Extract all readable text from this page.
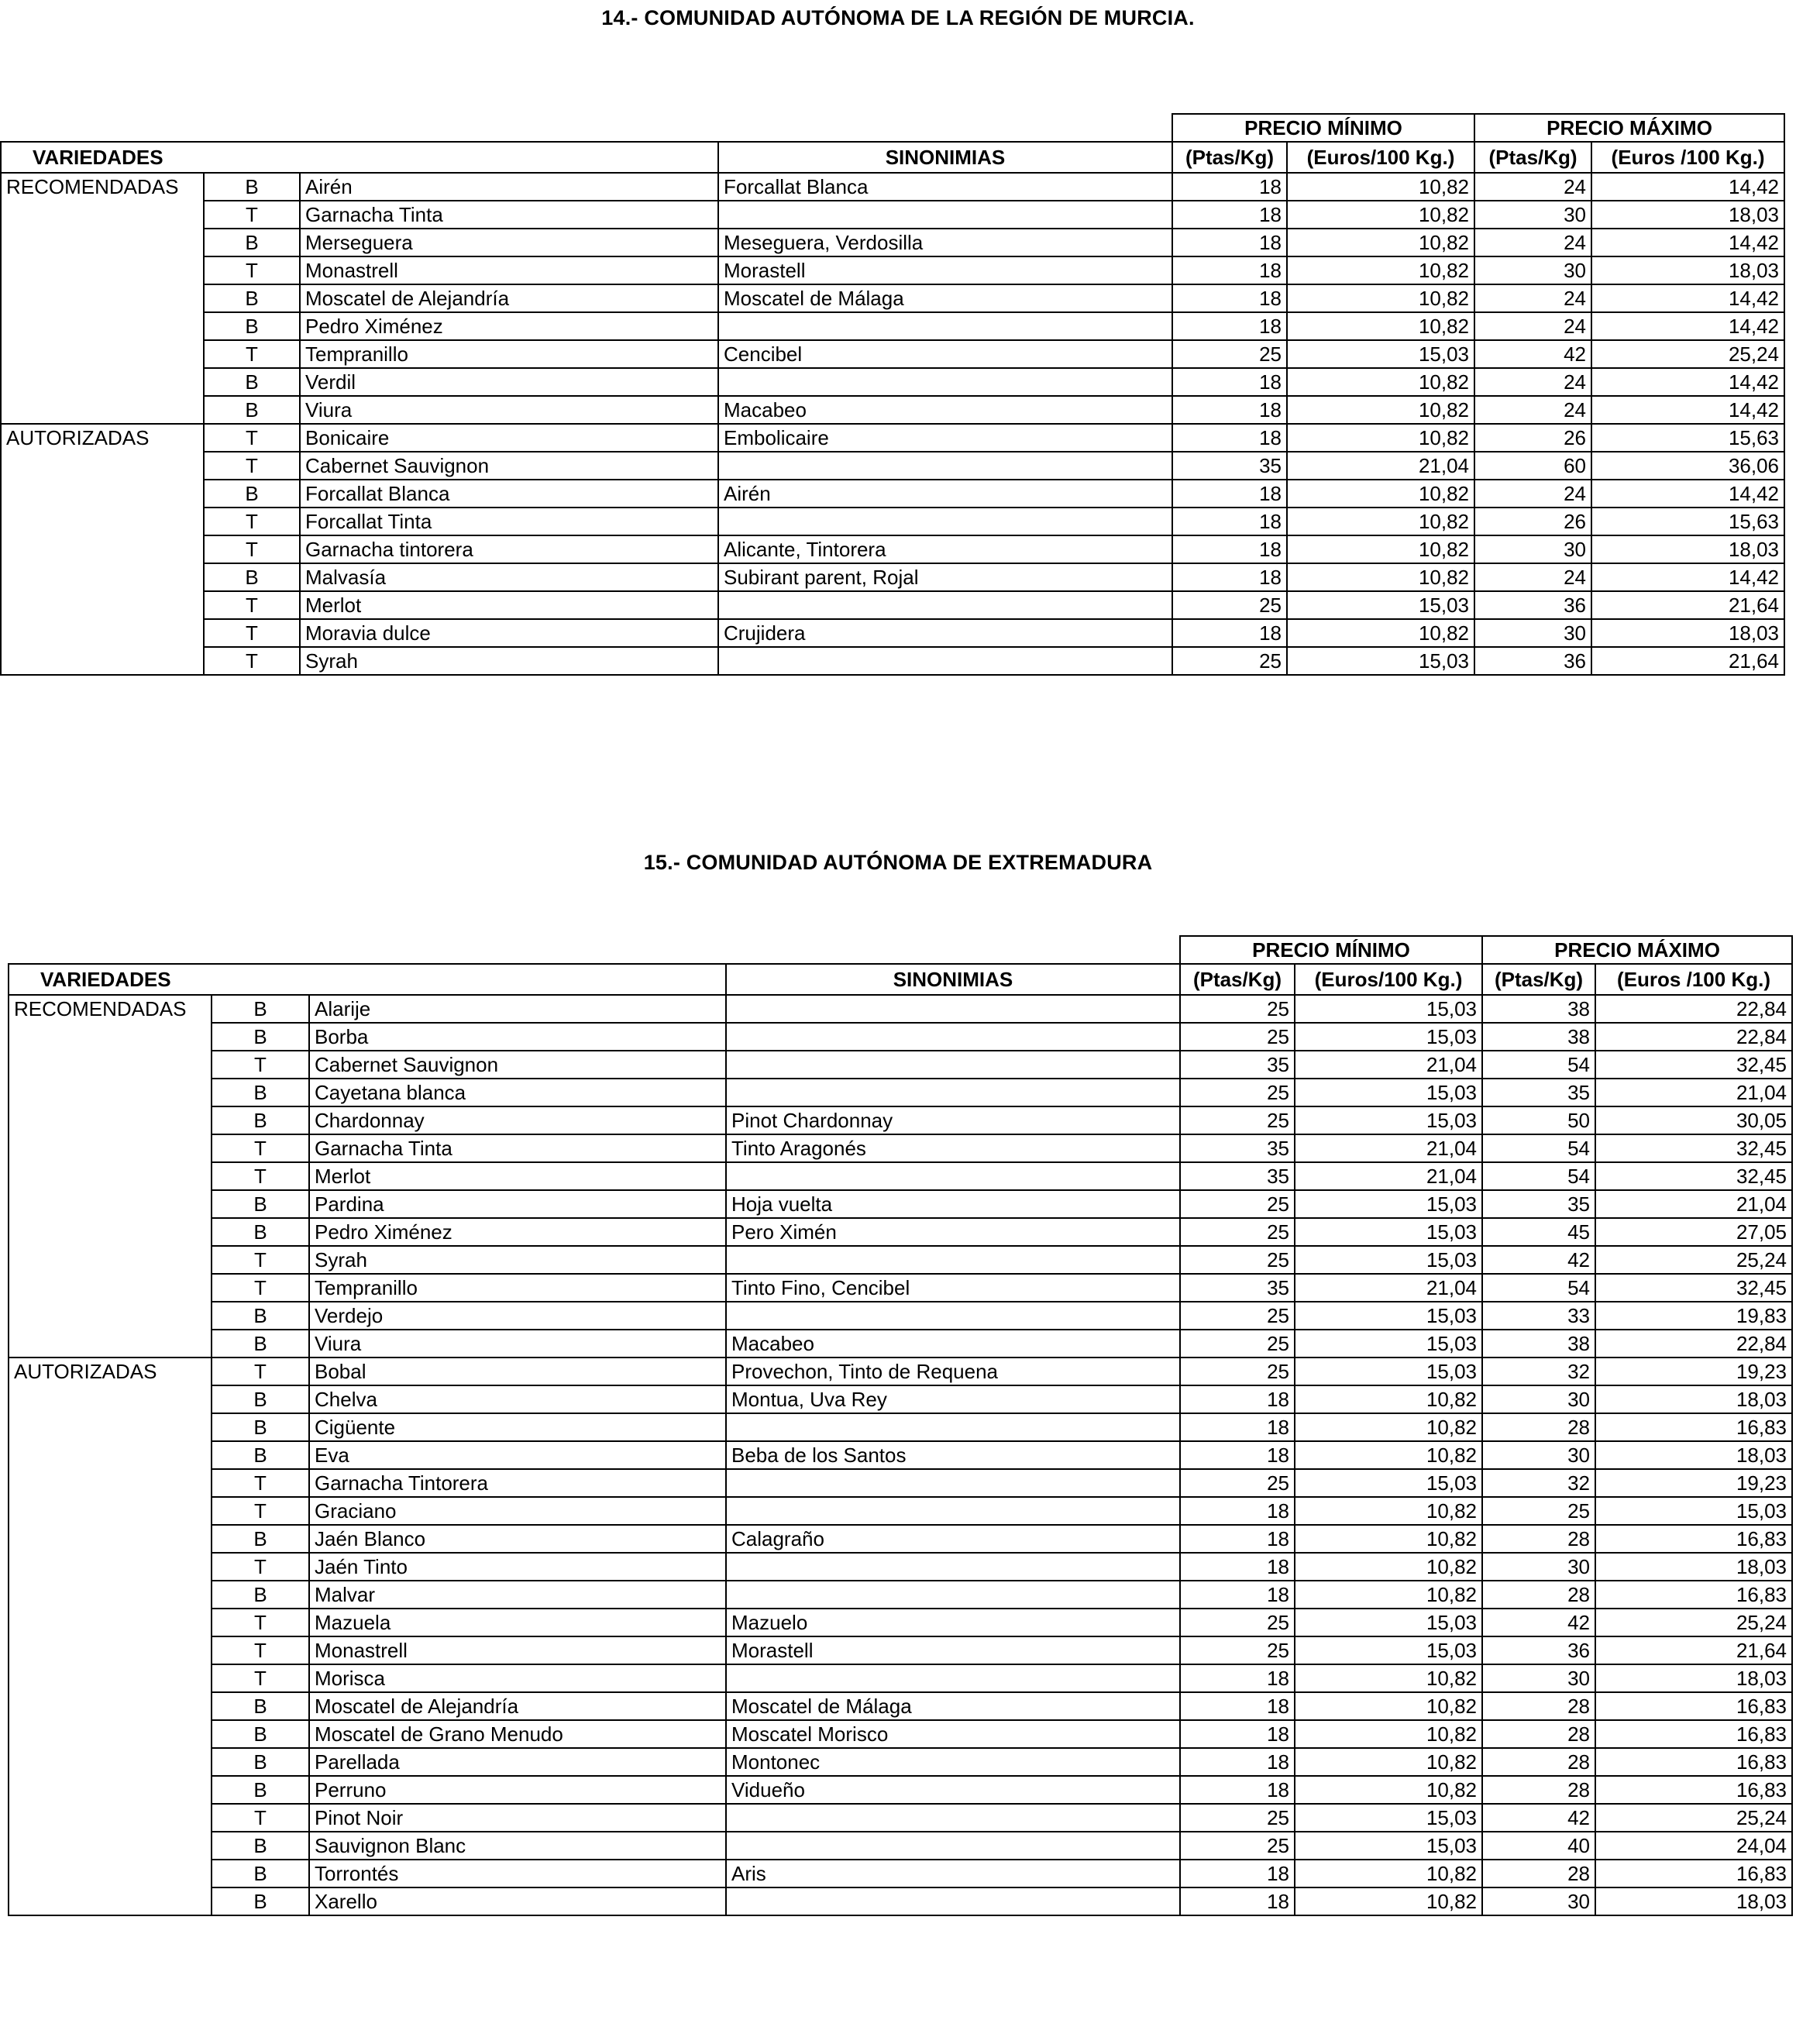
14.- COMUNIDAD AUTÓNOMA DE LA REGIÓN DE MURCIA.
				PRECIO MÍNIMO		PRECIO MÁXIMO	
VARIEDADES			SINONIMIAS	(Ptas/Kg)	(Euros/100 Kg.)	(Ptas/Kg)	(Euros /100 Kg.)
RECOMENDADAS	B	Airén	Forcallat Blanca	18	10,82	24	14,42
	T	Garnacha Tinta		18	10,82	30	18,03
	B	Merseguera	Meseguera, Verdosilla	18	10,82	24	14,42
	T	Monastrell	Morastell	18	10,82	30	18,03
	B	Moscatel de Alejandría	Moscatel de Málaga	18	10,82	24	14,42
	B	Pedro Ximénez		18	10,82	24	14,42
	T	Tempranillo	Cencibel	25	15,03	42	25,24
	B	Verdil		18	10,82	24	14,42
	B	Viura	Macabeo	18	10,82	24	14,42
AUTORIZADAS	T	Bonicaire	Embolicaire	18	10,82	26	15,63
	T	Cabernet Sauvignon		35	21,04	60	36,06
	B	Forcallat Blanca	Airén	18	10,82	24	14,42
	T	Forcallat Tinta		18	10,82	26	15,63
	T	Garnacha tintorera	Alicante, Tintorera	18	10,82	30	18,03
	B	Malvasía	Subirant parent, Rojal	18	10,82	24	14,42
	T	Merlot		25	15,03	36	21,64
	T	Moravia dulce	Crujidera	18	10,82	30	18,03
	T	Syrah		25	15,03	36	21,64
15.- COMUNIDAD AUTÓNOMA DE EXTREMADURA
				PRECIO MÍNIMO		PRECIO MÁXIMO	
VARIEDADES			SINONIMIAS	(Ptas/Kg)	(Euros/100 Kg.)	(Ptas/Kg)	(Euros /100 Kg.)
RECOMENDADAS	B	Alarije		25	15,03	38	22,84
	B	Borba		25	15,03	38	22,84
	T	Cabernet Sauvignon		35	21,04	54	32,45
	B	Cayetana blanca		25	15,03	35	21,04
	B	Chardonnay	Pinot Chardonnay	25	15,03	50	30,05
	T	Garnacha Tinta	Tinto Aragonés	35	21,04	54	32,45
	T	Merlot		35	21,04	54	32,45
	B	Pardina	Hoja vuelta	25	15,03	35	21,04
	B	Pedro Ximénez	Pero Ximén	25	15,03	45	27,05
	T	Syrah		25	15,03	42	25,24
	T	Tempranillo	Tinto Fino, Cencibel	35	21,04	54	32,45
	B	Verdejo		25	15,03	33	19,83
	B	Viura	Macabeo	25	15,03	38	22,84
AUTORIZADAS	T	Bobal	Provechon, Tinto de Requena	25	15,03	32	19,23
	B	Chelva	Montua, Uva Rey	18	10,82	30	18,03
	B	Cigüente		18	10,82	28	16,83
	B	Eva	Beba de los Santos	18	10,82	30	18,03
	T	Garnacha Tintorera		25	15,03	32	19,23
	T	Graciano		18	10,82	25	15,03
	B	Jaén Blanco	Calagraño	18	10,82	28	16,83
	T	Jaén Tinto		18	10,82	30	18,03
	B	Malvar		18	10,82	28	16,83
	T	Mazuela	Mazuelo	25	15,03	42	25,24
	T	Monastrell	Morastell	25	15,03	36	21,64
	T	Morisca		18	10,82	30	18,03
	B	Moscatel de Alejandría	Moscatel de Málaga	18	10,82	28	16,83
	B	Moscatel de Grano Menudo	Moscatel Morisco	18	10,82	28	16,83
	B	Parellada	Montonec	18	10,82	28	16,83
	B	Perruno	Vidueño	18	10,82	28	16,83
	T	Pinot Noir		25	15,03	42	25,24
	B	Sauvignon Blanc		25	15,03	40	24,04
	B	Torrontés	Aris	18	10,82	28	16,83
	B	Xarello		18	10,82	30	18,03
